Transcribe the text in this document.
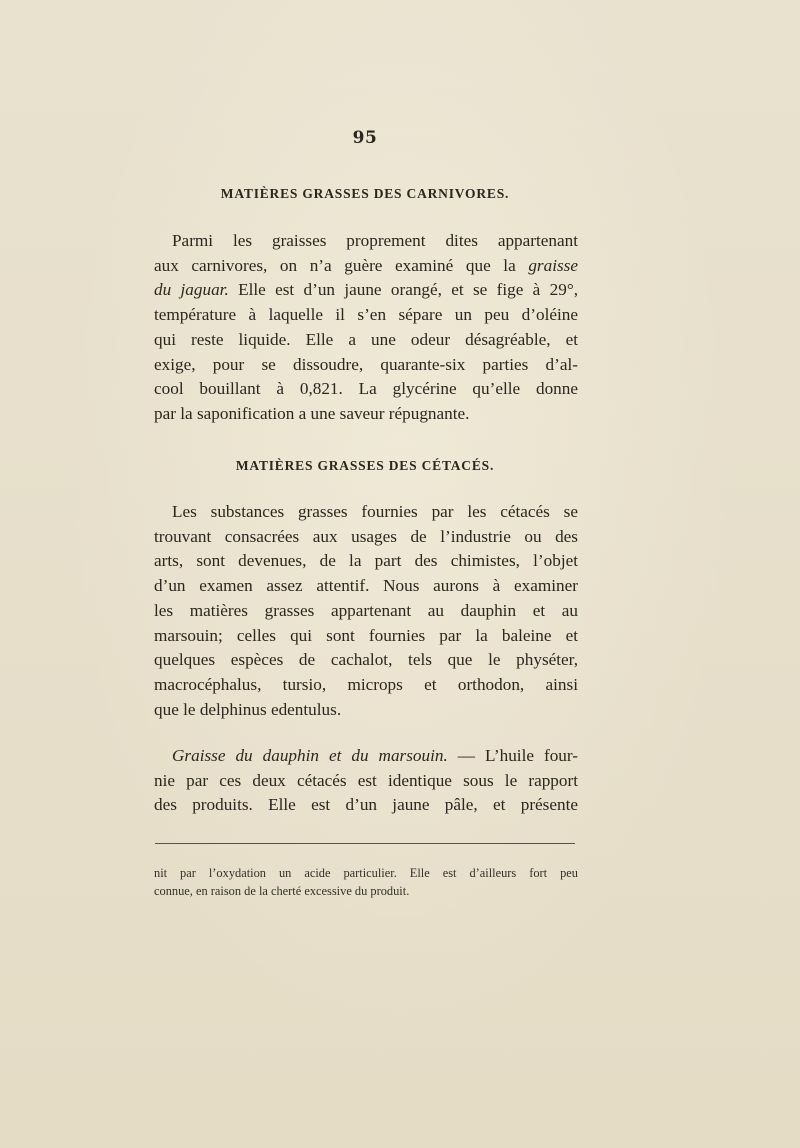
95
MATIÈRES GRASSES DES CARNIVORES.
Parmi les graisses proprement dites appartenant
aux carnivores, on n’a guère examiné que la graisse
du jaguar. Elle est d’un jaune orangé, et se fige à 29°,
température à laquelle il s’en sépare un peu d’oléine
qui reste liquide. Elle a une odeur désagréable, et
exige, pour se dissoudre, quarante-six parties d’al-
cool bouillant à 0,821. La glycérine qu’elle donne
par la saponification a une saveur répugnante.
MATIÈRES GRASSES DES CÉTACÉS.
Les substances grasses fournies par les cétacés se
trouvant consacrées aux usages de l’industrie ou des
arts, sont devenues, de la part des chimistes, l’objet
d’un examen assez attentif. Nous aurons à examiner
les matières grasses appartenant au dauphin et au
marsouin; celles qui sont fournies par la baleine et
quelques espèces de cachalot, tels que le physéter,
macrocéphalus, tursio, microps et orthodon, ainsi
que le delphinus edentulus.
Graisse du dauphin et du marsouin. — L’huile four-
nie par ces deux cétacés est identique sous le rapport
des produits. Elle est d’un jaune pâle, et présente
nit par l’oxydation un acide particulier. Elle est d’ailleurs fort peu
connue, en raison de la cherté excessive du produit.
